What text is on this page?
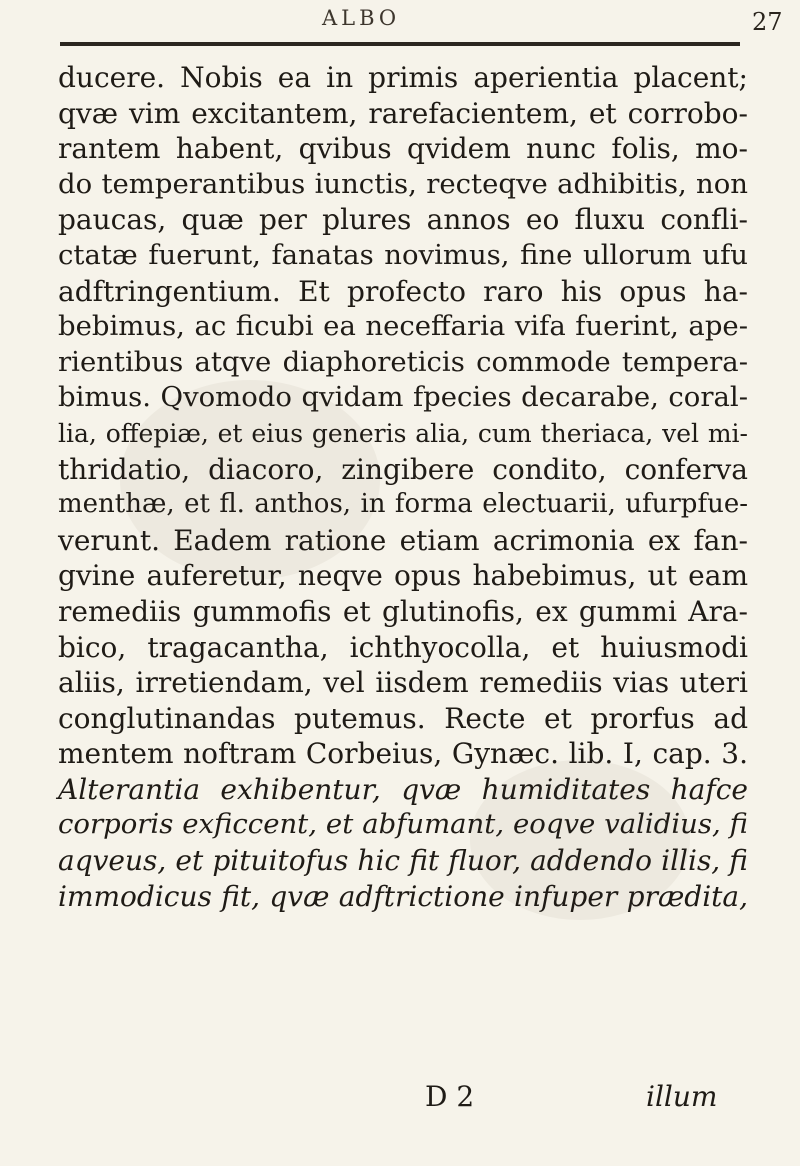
ALBO	27
ducere. Nobis ea in primis aperientia placent;
qvæ vim excitantem, rarefacientem, et corrobo-
rantem habent, qvibus qvidem nunc folis, mo-
do temperantibus iunctis, recteqve adhibitis, non
paucas, quæ per plures annos eo fluxu confli-
ctatæ fuerunt, fanatas novimus, fine ullorum ufu
adftringentium. Et profecto raro his opus ha-
bebimus, ac ficubi ea neceffaria vifa fuerint, ape-
rientibus atqve diaphoreticis commode tempera-
bimus. Qvomodo qvidam fpecies decarabe, coral-
lia, offepiæ, et eius generis alia, cum theriaca, vel mi-
thridatio, diacoro, zingibere condito, conferva
menthæ, et fl. anthos, in forma electuarii, ufurpfue-
verunt. Eadem ratione etiam acrimonia ex fan-
gvine auferetur, neqve opus habebimus, ut eam
remediis gummofis et glutinofis, ex gummi Ara-
bico, tragacantha, ichthyocolla, et huiusmodi
aliis, irretiendam, vel iisdem remediis vias uteri
conglutinandas putemus. Recte et prorfus ad
mentem noftram Corbeius, Gynæc. lib. I, cap. 3.
Alterantia exhibentur, qvæ humiditates hafce
corporis exficcent, et abfumant, eoqve validius, fi
aqveus, et pituitofus hic fit fluor, addendo illis, fi
immodicus fit, qvæ adftrictione infuper prædita,
D 2	illum
